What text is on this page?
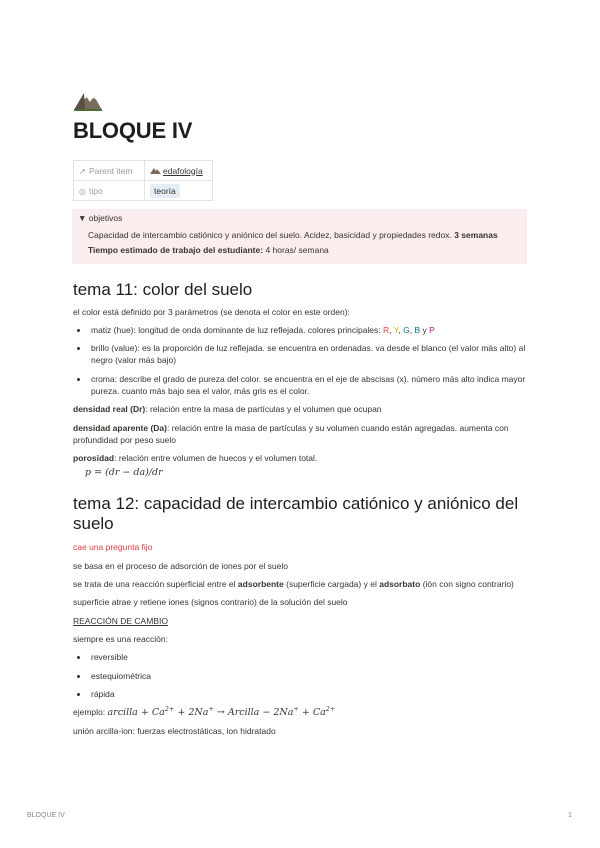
BLOQUE IV
↗ Parent item	edafología
◎ tipo	teoría
▼ objetivos

Capacidad de intercambio catiónico y aniónico del suelo. Acidez, basicidad y propiedades redox. 3 semanas

Tiempo estimado de trabajo del estudiante: 4 horas/ semana

tema 11: color del suelo

el color está definido por 3 parámetros (se denota el color en este orden):

• matiz (hue): longitud de onda dominante de luz reflejada. colores principales: R, Y, G, B y P
• brillo (value): es la proporción de luz reflejada. se encuentra en ordenadas. va desde el blanco (el valor más alto) al negro (valor más bajo)
• croma: describe el grado de pureza del color. se encuentra en el eje de abscisas (x). número más alto indica mayor pureza. cuanto más bajo sea el valor, más gris es el color.

densidad real (Dr): relación entre la masa de partículas y el volumen que ocupan

densidad aparente (Da): relación entre la masa de partículas y su volumen cuando están agregadas. aumenta con profundidad por peso suelo

porosidad: relación entre volumen de huecos y el volumen total.

p = (dr − da)/dr
tema 12: capacidad de intercambio catiónico y aniónico del suelo

cae una pregunta fijo

se basa en el proceso de adsorción de iones por el suelo

se trata de una reacción superficial entre el adsorbente (superficie cargada) y el adsorbato (ión con signo contrario)

superficie atrae y retiene iones (signos contrario) de la solución del suelo

REACCIÓN DE CAMBIO

siempre es una reacción:

• reversible
• estequiométrica
• rápida

ejemplo: arcilla + $Ca^{2+} + 2Na^+$ → Arcilla − $2Na^+ + Ca^{2+}$

unión arcilla-ion: fuerzas electrostáticas, ion hidratado

BLOQUE IV	1
